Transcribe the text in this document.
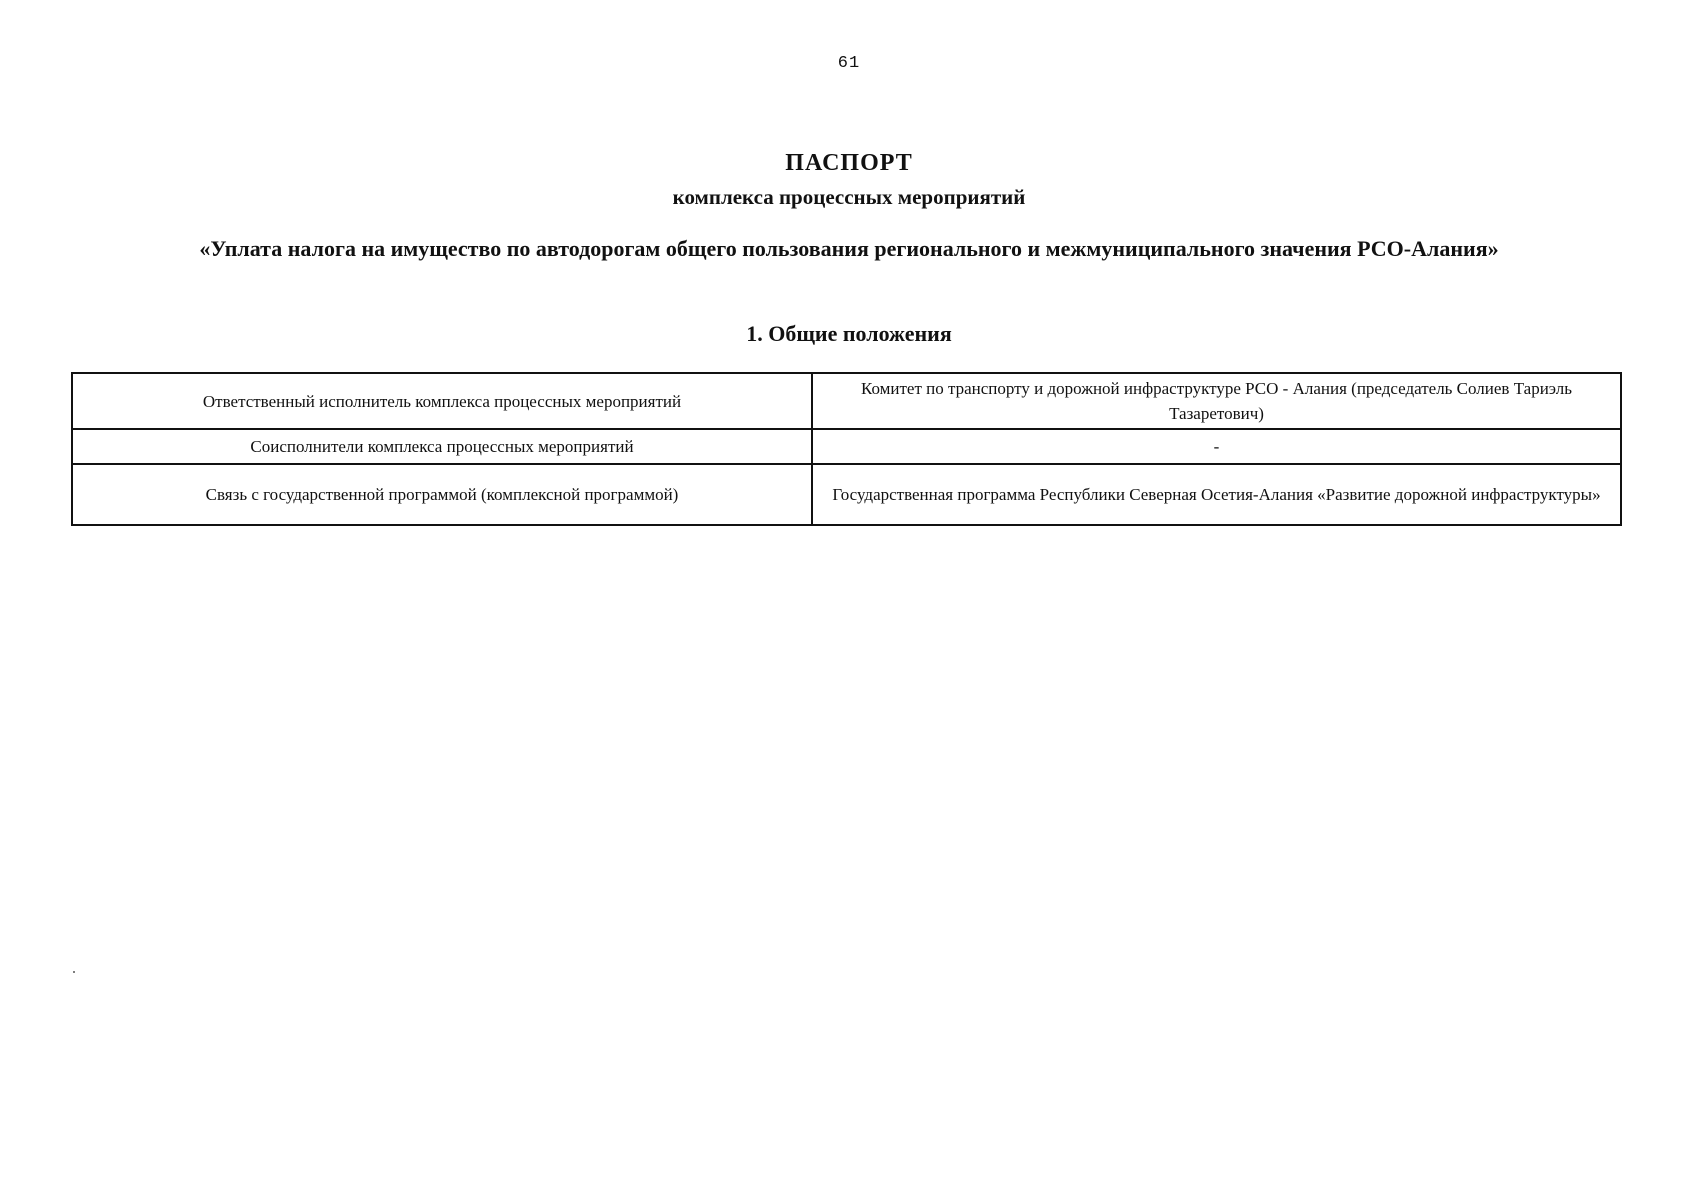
61
ПАСПОРТ
комплекса процессных мероприятий
«Уплата налога на имущество по автодорогам общего пользования регионального и межмуниципального значения РСО-Алания»
1. Общие положения
Ответственный исполнитель комплекса процессных мероприятий	Комитет по транспорту и дорожной инфраструктуре РСО - Алания (председатель Солиев Тариэль Тазаретович)
Соисполнители комплекса процессных мероприятий	-
Связь с государственной программой (комплексной программой)	Государственная программа Республики Северная Осетия-Алания «Развитие дорожной инфраструктуры»
